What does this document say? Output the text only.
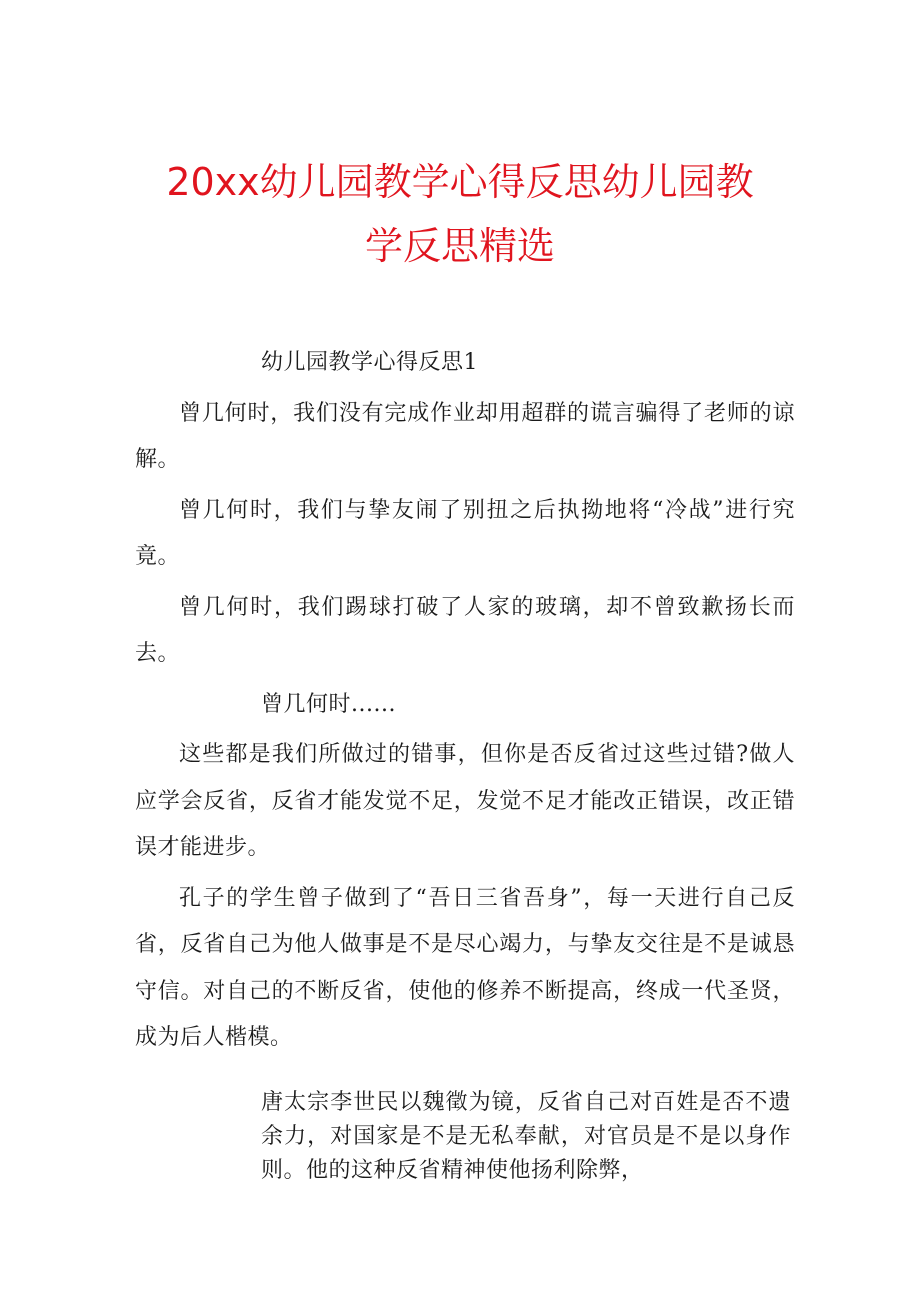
20xx幼儿园教学心得反思幼儿园教
学反思精选

幼儿园教学心得反思1

曾几何时，我们没有完成作业却用超群的谎言骗得了老师的谅解。

曾几何时，我们与挚友闹了别扭之后执拗地将“冷战”进行究竟。

曾几何时，我们踢球打破了人家的玻璃，却不曾致歉扬长而去。

曾几何时......

这些都是我们所做过的错事，但你是否反省过这些过错?做人应学会反省，反省才能发觉不足，发觉不足才能改正错误，改正错误才能进步。

孔子的学生曾子做到了“吾日三省吾身”，每一天进行自己反省，反省自己为他人做事是不是尽心竭力，与挚友交往是不是诚恳守信。对自己的不断反省，使他的修养不断提高，终成一代圣贤，成为后人楷模。

唐太宗李世民以魏徵为镜，反省自己对百姓是否不遗余力，对国家是不是无私奉献，对官员是不是以身作则。他的这种反省精神使他扬利除弊，
